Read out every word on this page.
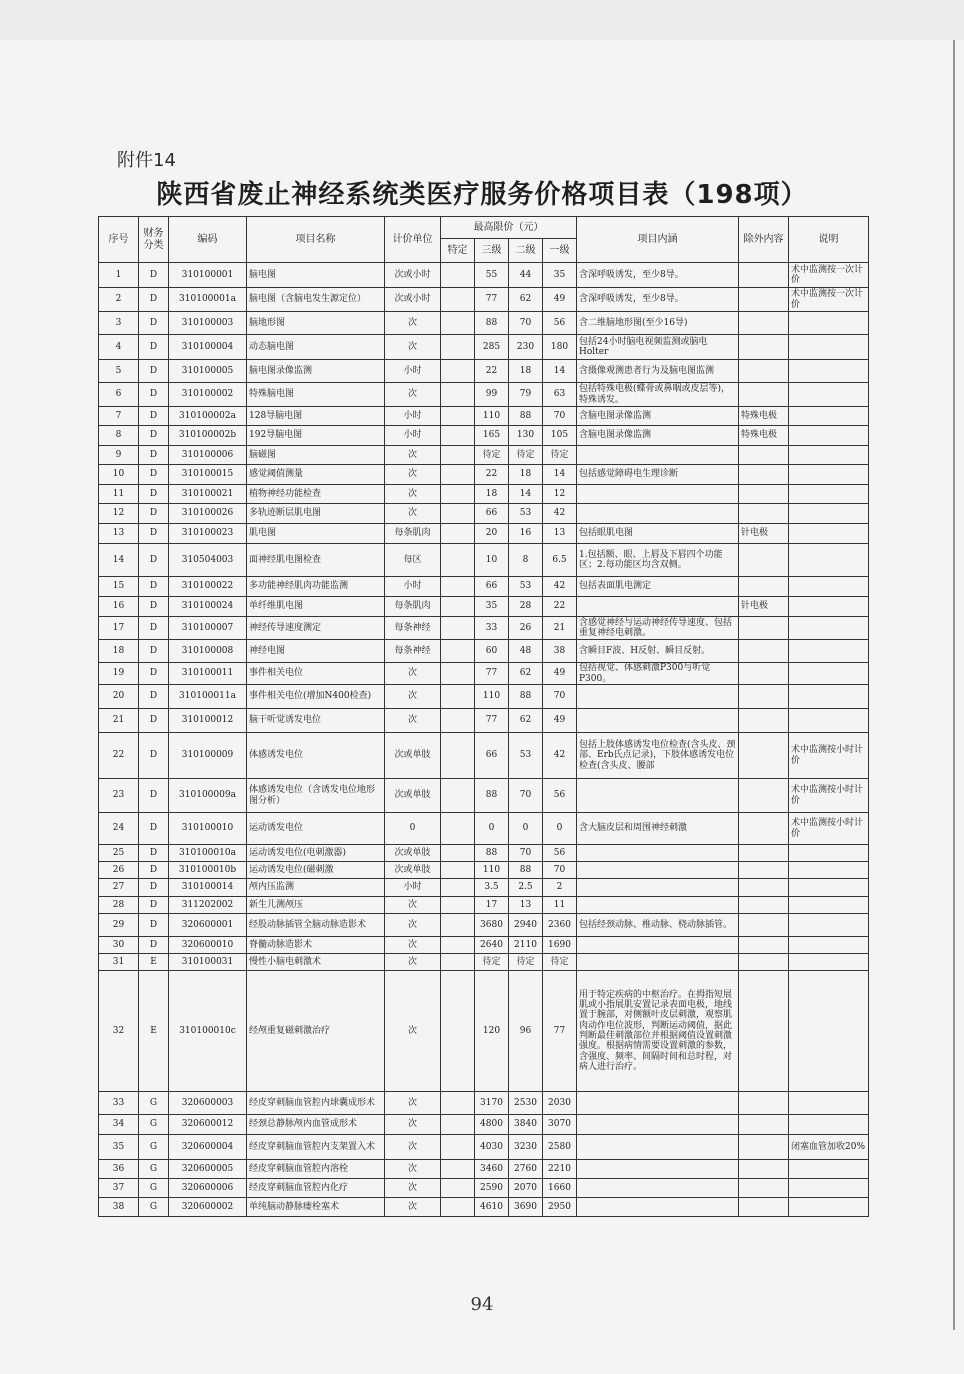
附件14
陕西省废止神经系统类医疗服务价格项目表（198项）
序号	财务分类	编码	项目名称	计价单位	最高限价（元）				项目内涵	除外内容	说明
					特定	三级	二级	一级			
1	D	310100001	脑电图	次或小时		55	44	35	含深呼吸诱发，至少8导。		术中监测按一次计价
2	D	310100001a	脑电图（含脑电发生源定位）	次或小时		77	62	49	含深呼吸诱发，至少8导。		术中监测按一次计价
3	D	310100003	脑地形图	次		88	70	56	含二维脑地形图(至少16导)		
4	D	310100004	动态脑电图	次		285	230	180	包括24小时脑电视频监测或脑电Holter		
5	D	310100005	脑电图录像监测	小时		22	18	14	含摄像观测患者行为及脑电图监测		
6	D	310100002	特殊脑电图	次		99	79	63	包括特殊电极(蝶骨或鼻咽或皮层等)，特殊诱发。		
7	D	310100002a	128导脑电图	小时		110	88	70	含脑电图录像监测	特殊电极	
8	D	310100002b	192导脑电图	小时		165	130	105	含脑电图录像监测	特殊电极	
9	D	310100006	脑磁图	次		待定	待定	待定			
10	D	310100015	感觉阈值测量	次		22	18	14	包括感觉障碍电生理诊断		
11	D	310100021	植物神经功能检查	次		18	14	12			
12	D	310100026	多轨迹断层肌电图	次		66	53	42			
13	D	310100023	肌电图	每条肌肉		20	16	13	包括眼肌电图	针电极	
14	D	310504003	面神经肌电图检查	每区		10	8	6.5	1.包括额、眼、上唇及下唇四个功能区；2.每功能区均含双侧。		
15	D	310100022	多功能神经肌肉功能监测	小时		66	53	42	包括表面肌电测定		
16	D	310100024	单纤维肌电图	每条肌肉		35	28	22		针电极	
17	D	310100007	神经传导速度测定	每条神经		33	26	21	含感觉神经与运动神经传导速度、包括重复神经电刺激。		
18	D	310100008	神经电图	每条神经		60	48	38	含瞬目F波、H反射、瞬目反射。		
19	D	310100011	事件相关电位	次		77	62	49	包括视觉、体感刺激P300与听觉P300。		
20	D	310100011a	事件相关电位(增加N400检查)	次		110	88	70			
21	D	310100012	脑干听觉诱发电位	次		77	62	49			
22	D	310100009	体感诱发电位	次或单肢		66	53	42	包括上肢体感诱发电位检查(含头皮、颈部、Erb氏点记录)，下肢体感诱发电位检查(含头皮、腰部		术中监测按小时计价
23	D	310100009a	体感诱发电位（含诱发电位地形图分析）	次或单肢		88	70	56			术中监测按小时计价
24	D	310100010	运动诱发电位	0		0	0	0	含大脑皮层和周围神经刺激		术中监测按小时计价
25	D	310100010a	运动诱发电位(电刺激器)	次或单肢		88	70	56			
26	D	310100010b	运动诱发电位(磁刺激	次或单肢		110	88	70			
27	D	310100014	颅内压监测	小时		3.5	2.5	2			
28	D	311202002	新生儿测颅压	次		17	13	11			
29	D	320600001	经股动脉插管全脑动脉造影术	次		3680	2940	2360	包括经颈动脉、椎动脉、桡动脉插管。		
30	D	320600010	脊髓动脉造影术	次		2640	2110	1690			
31	E	310100031	慢性小脑电刺激术	次		待定	待定	待定			
32	E	310100010c	经颅重复磁刺激治疗	次		120	96	77	用于特定疾病的中枢治疗。在拇指短展肌或小指展肌安置记录表面电极，地线置于腕部，对侧额叶皮层刺激，观察肌肉动作电位波形，判断运动阈值，据此判断最佳刺激部位并根据阈值设置刺激强度。根据病情需要设置刺激的参数，含强度、频率、间隔时间和总时程，对病人进行治疗。		
33	G	320600003	经皮穿刺脑血管腔内球囊成形术	次		3170	2530	2030			
34	G	320600012	经颈总静脉颅内血管成形术	次		4800	3840	3070			
35	G	320600004	经皮穿刺脑血管腔内支架置入术	次		4030	3230	2580			闭塞血管加收20%
36	G	320600005	经皮穿刺脑血管腔内溶栓	次		3460	2760	2210			
37	G	320600006	经皮穿刺脑血管腔内化疗	次		2590	2070	1660			
38	G	320600002	单纯脑动静脉瘘栓塞术	次		4610	3690	2950			
94
